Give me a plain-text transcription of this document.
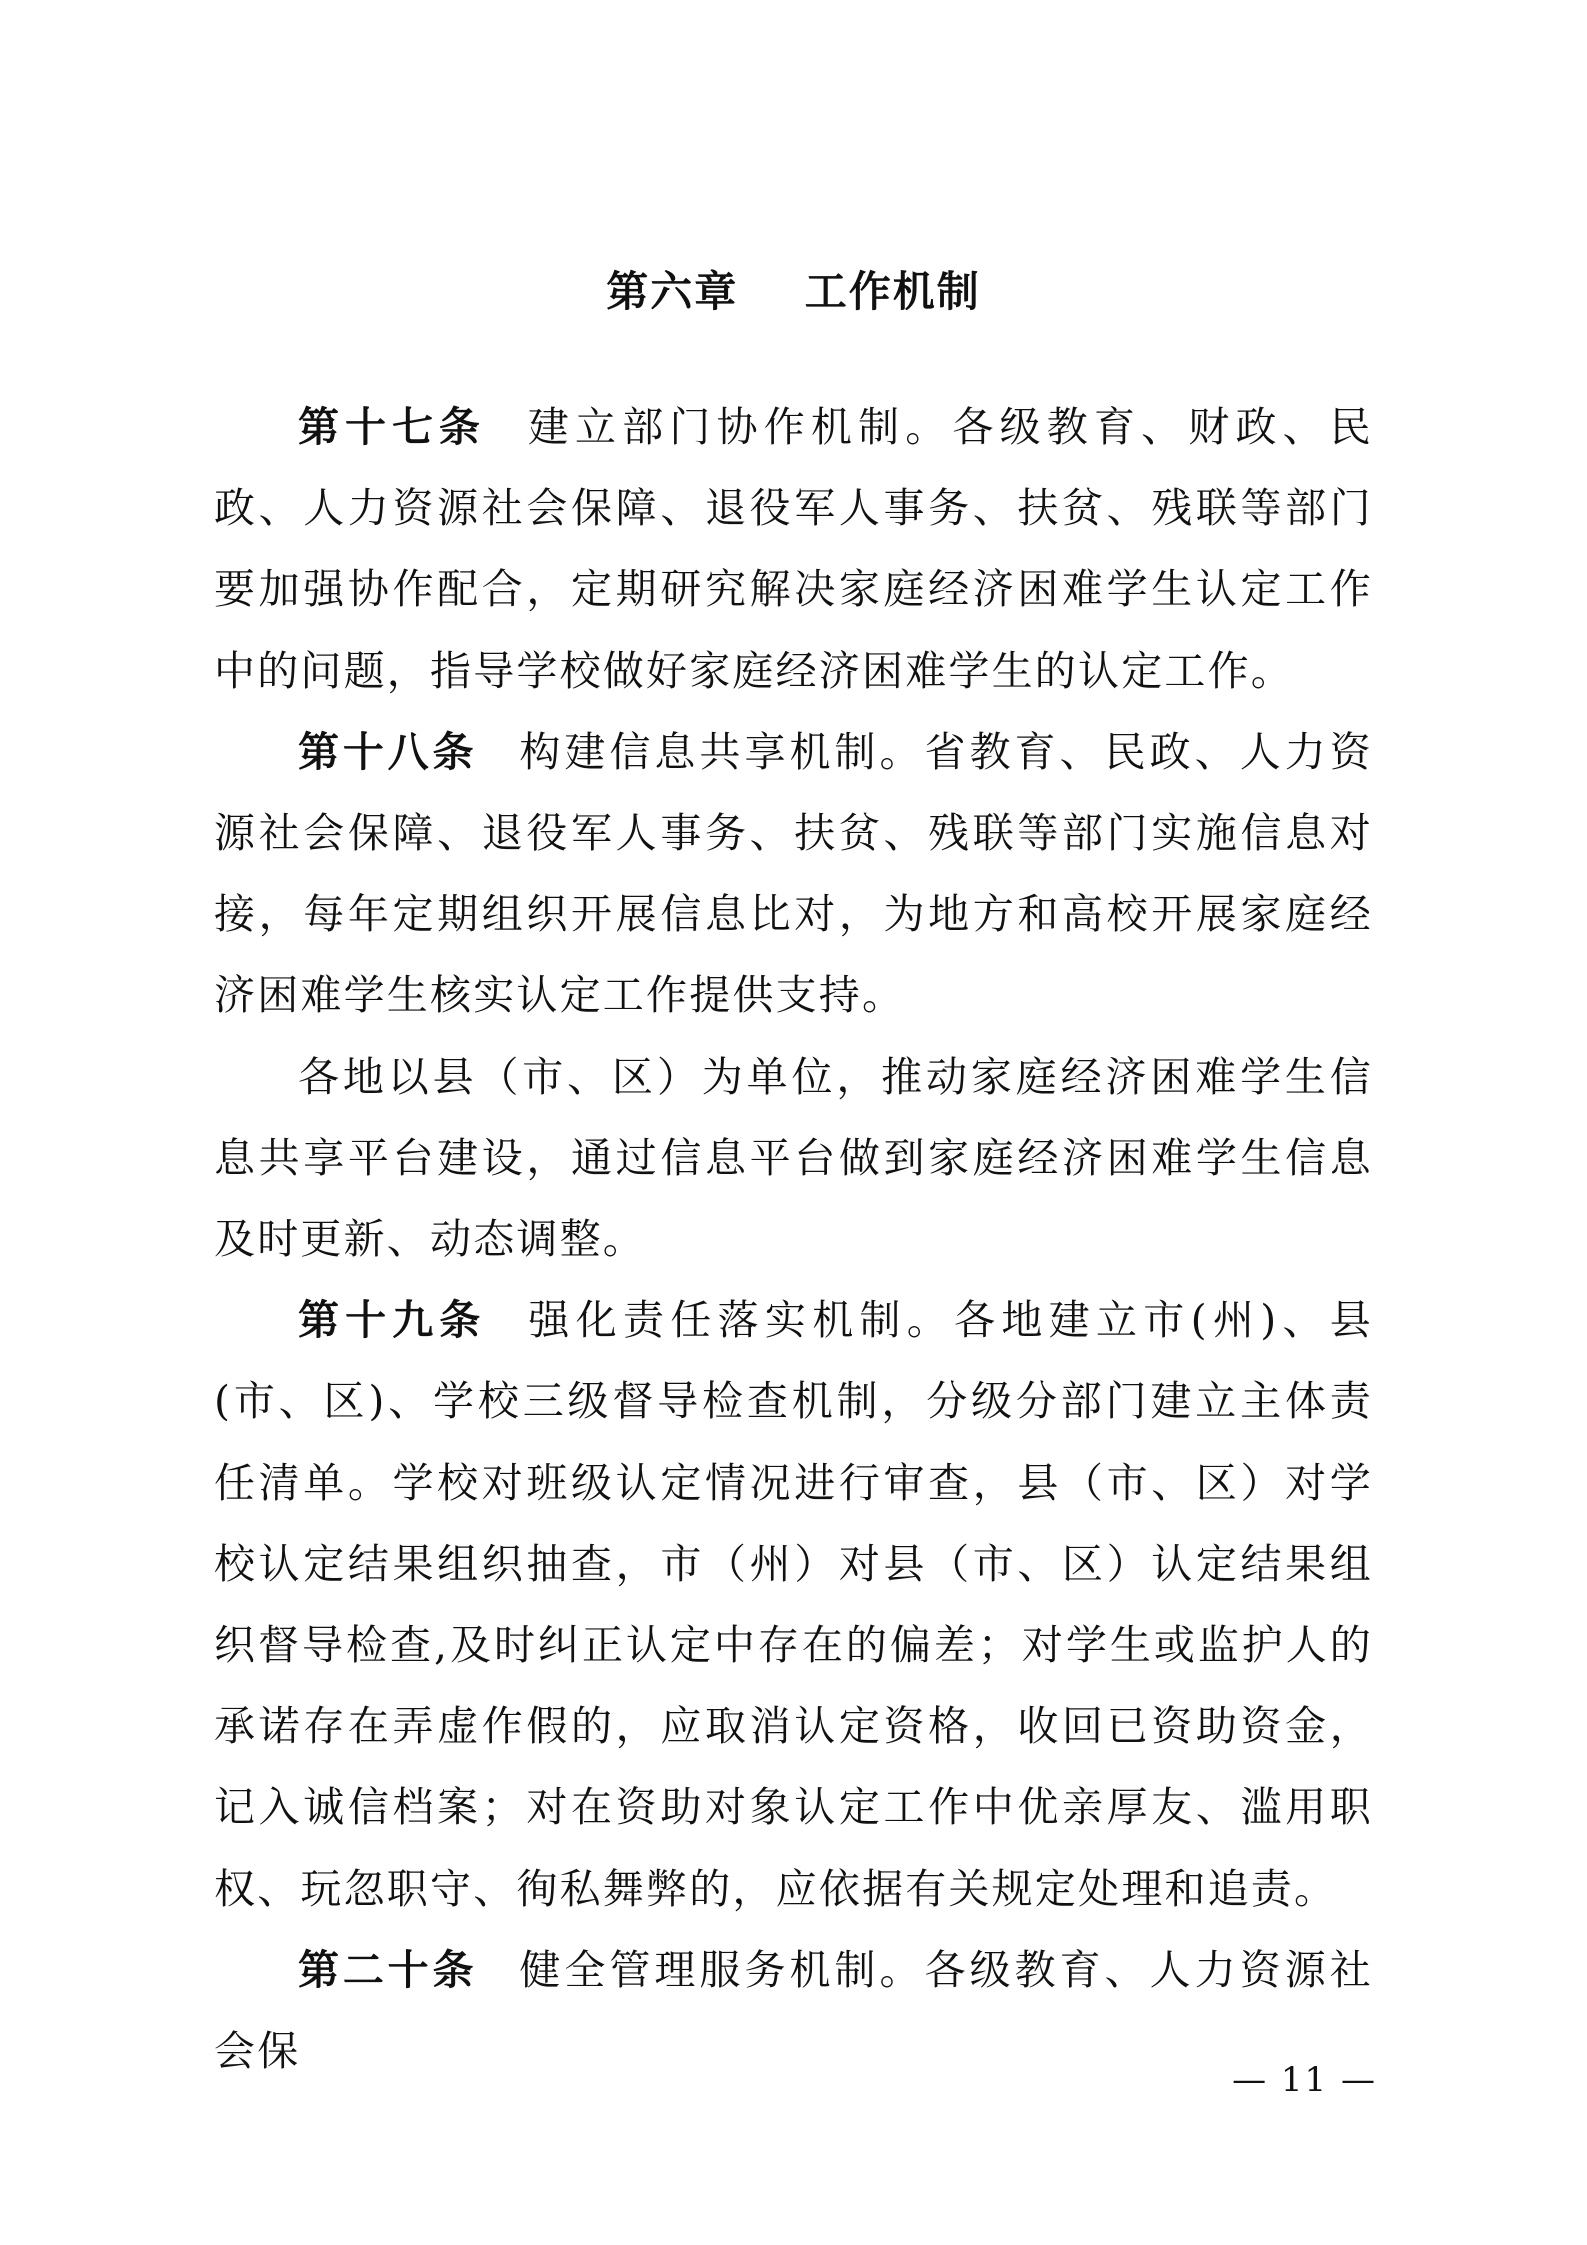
第六章    工作机制

第十七条 建立部门协作机制。各级教育、财政、民政、人力资源社会保障、退役军人事务、扶贫、残联等部门要加强协作配合，定期研究解决家庭经济困难学生认定工作中的问题，指导学校做好家庭经济困难学生的认定工作。

第十八条 构建信息共享机制。省教育、民政、人力资源社会保障、退役军人事务、扶贫、残联等部门实施信息对接，每年定期组织开展信息比对，为地方和高校开展家庭经济困难学生核实认定工作提供支持。

各地以县（市、区）为单位，推动家庭经济困难学生信息共享平台建设，通过信息平台做到家庭经济困难学生信息及时更新、动态调整。

第十九条 强化责任落实机制。各地建立市(州)、县(市、区)、学校三级督导检查机制，分级分部门建立主体责任清单。学校对班级认定情况进行审查，县（市、区）对学校认定结果组织抽查，市（州）对县（市、区）认定结果组织督导检查,及时纠正认定中存在的偏差；对学生或监护人的承诺存在弄虚作假的，应取消认定资格，收回已资助资金，记入诚信档案；对在资助对象认定工作中优亲厚友、滥用职权、玩忽职守、徇私舞弊的，应依据有关规定处理和追责。

第二十条 健全管理服务机制。各级教育、人力资源社会保

— 11 —
